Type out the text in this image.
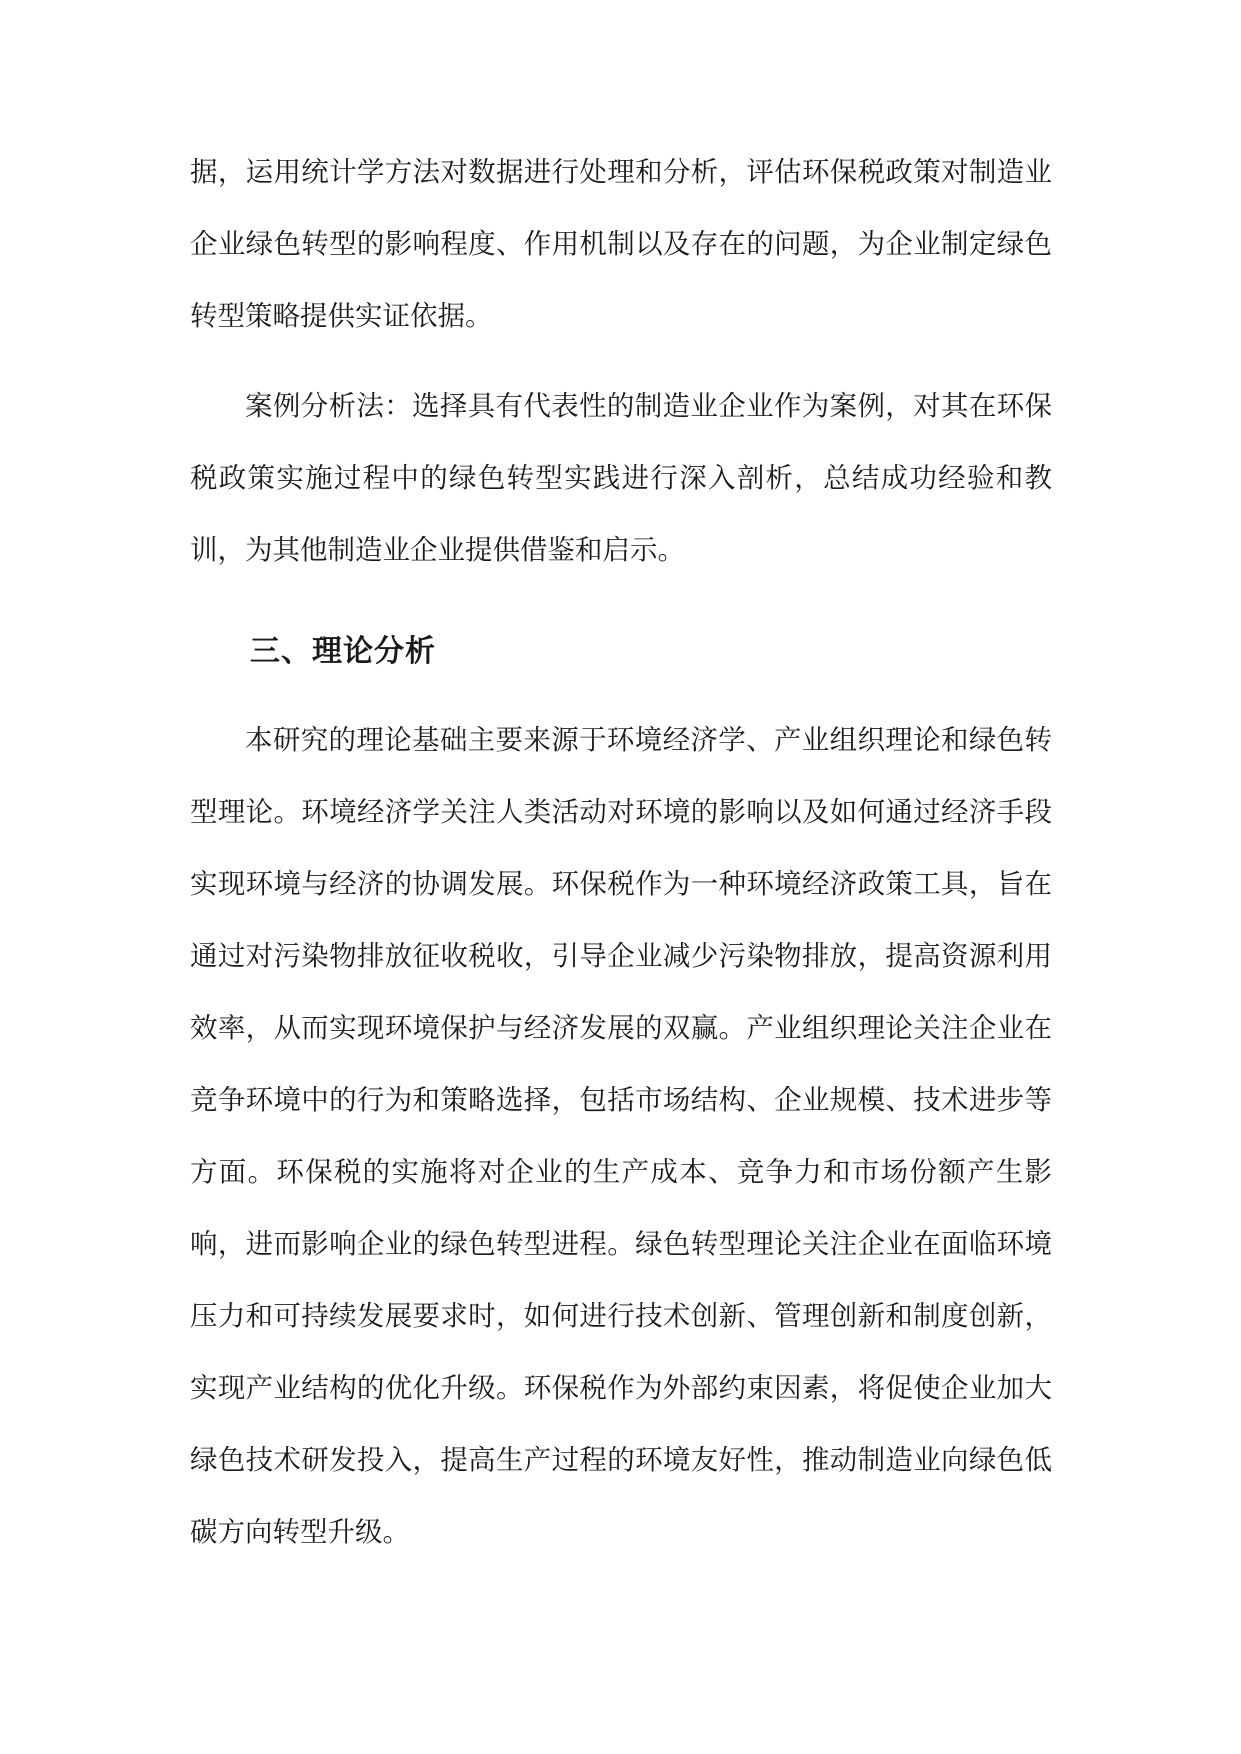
据，运用统计学方法对数据进行处理和分析，评估环保税政策对制造业企业绿色转型的影响程度、作用机制以及存在的问题，为企业制定绿色转型策略提供实证依据。

案例分析法：选择具有代表性的制造业企业作为案例，对其在环保税政策实施过程中的绿色转型实践进行深入剖析，总结成功经验和教训，为其他制造业企业提供借鉴和启示。

三、理论分析

本研究的理论基础主要来源于环境经济学、产业组织理论和绿色转型理论。环境经济学关注人类活动对环境的影响以及如何通过经济手段实现环境与经济的协调发展。环保税作为一种环境经济政策工具，旨在通过对污染物排放征收税收，引导企业减少污染物排放，提高资源利用效率，从而实现环境保护与经济发展的双赢。产业组织理论关注企业在竞争环境中的行为和策略选择，包括市场结构、企业规模、技术进步等方面。环保税的实施将对企业的生产成本、竞争力和市场份额产生影响，进而影响企业的绿色转型进程。绿色转型理论关注企业在面临环境压力和可持续发展要求时，如何进行技术创新、管理创新和制度创新，实现产业结构的优化升级。环保税作为外部约束因素，将促使企业加大绿色技术研发投入，提高生产过程的环境友好性，推动制造业向绿色低碳方向转型升级。
